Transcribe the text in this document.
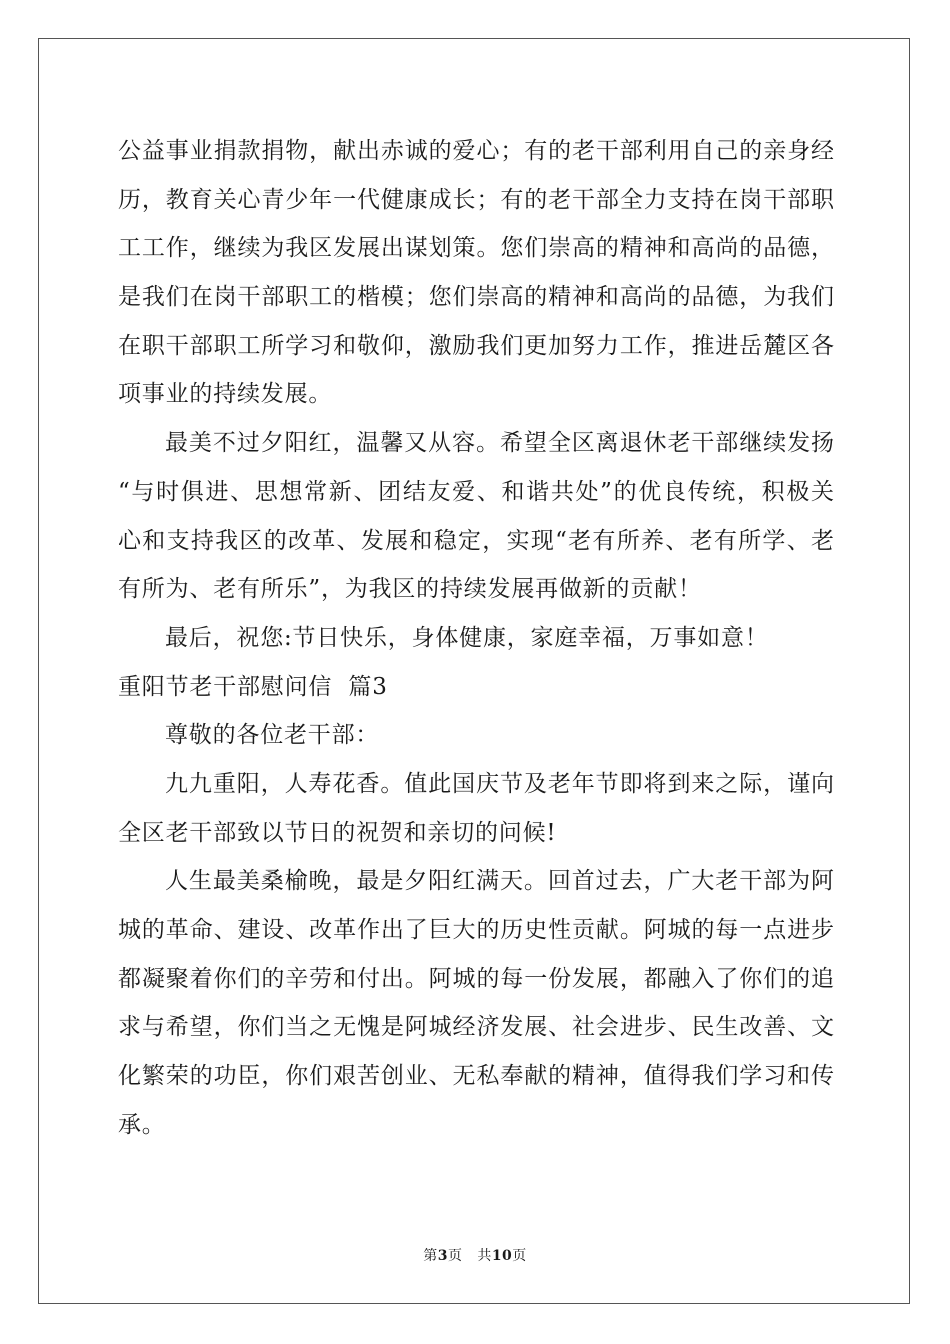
公益事业捐款捐物，献出赤诚的爱心；有的老干部利用自己的亲身经
历，教育关心青少年一代健康成长；有的老干部全力支持在岗干部职
工工作，继续为我区发展出谋划策。您们崇高的精神和高尚的品德，
是我们在岗干部职工的楷模；您们崇高的精神和高尚的品德，为我们
在职干部职工所学习和敬仰，激励我们更加努力工作，推进岳麓区各
项事业的持续发展。
最美不过夕阳红，温馨又从容。希望全区离退休老干部继续发扬
“与时俱进、思想常新、团结友爱、和谐共处”的优良传统，积极关
心和支持我区的改革、发展和稳定，实现“老有所养、老有所学、老
有所为、老有所乐”，为我区的持续发展再做新的贡献！
最后，祝您:节日快乐，身体健康，家庭幸福，万事如意！
重阳节老干部慰问信  篇3
尊敬的各位老干部：
九九重阳，人寿花香。值此国庆节及老年节即将到来之际，谨向
全区老干部致以节日的祝贺和亲切的问候!
人生最美桑榆晚，最是夕阳红满天。回首过去，广大老干部为阿
城的革命、建设、改革作出了巨大的历史性贡献。阿城的每一点进步
都凝聚着你们的辛劳和付出。阿城的每一份发展，都融入了你们的追
求与希望，你们当之无愧是阿城经济发展、社会进步、民生改善、文
化繁荣的功臣，你们艰苦创业、无私奉献的精神，值得我们学习和传
承。
第3页 共10页
